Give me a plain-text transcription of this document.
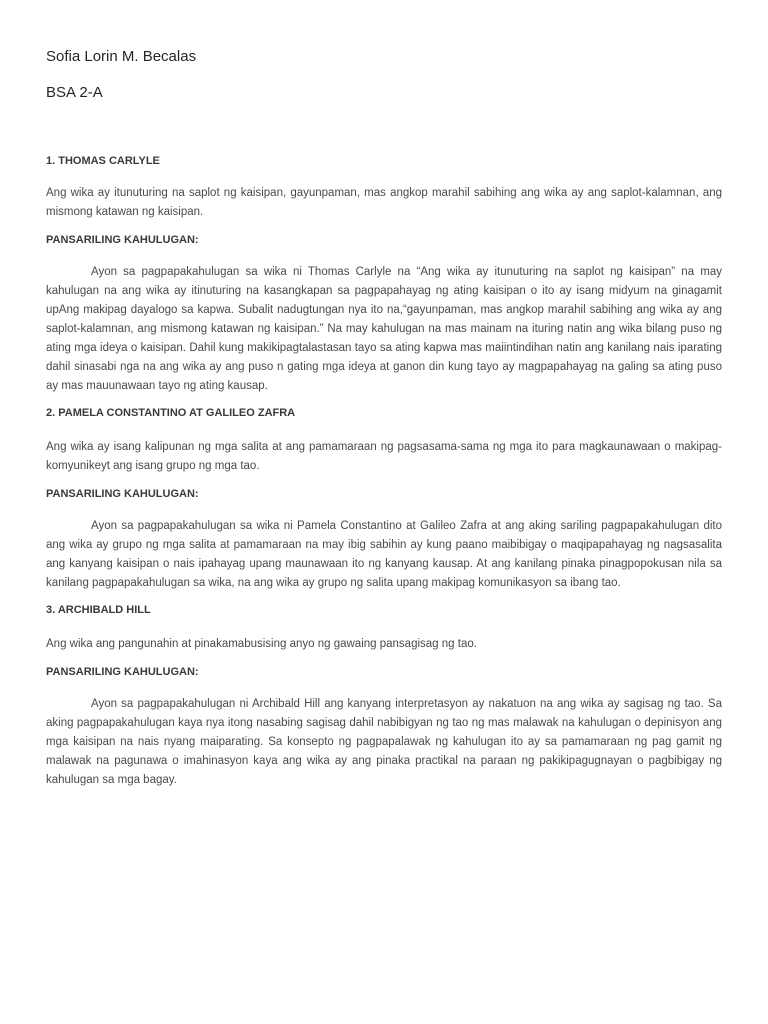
Sofia Lorin M. Becalas
BSA 2-A

1. THOMAS CARLYLE

Ang wika ay itunuturing na saplot ng kaisipan, gayunpaman, mas angkop marahil sabihing ang wika ay ang saplot-kalamnan, ang mismong katawan ng kaisipan.

PANSARILING KAHULUGAN:

Ayon sa pagpapakahulugan sa wika ni Thomas Carlyle na “Ang wika ay itunuturing na saplot ng kaisipan” na may kahulugan na ang wika ay itinuturing na kasangkapan sa pagpapahayag ng ating kaisipan o ito ay isang midyum na ginagamit upAng makipag dayalogo sa kapwa. Subalit nadugtungan nya ito na,“gayunpaman, mas angkop marahil sabihing ang wika ay ang saplot-kalamnan, ang mismong katawan ng kaisipan.” Na may kahulugan na mas mainam na ituring natin ang wika bilang puso ng ating mga ideya o kaisipan. Dahil kung makikipagtalastasan tayo sa ating kapwa mas maiintindihan natin ang kanilang nais iparating dahil sinasabi nga na ang wika ay ang puso n gating mga ideya at ganon din kung tayo ay magpapahayag na galing sa ating puso ay mas mauunawaan tayo ng ating kausap.

2. PAMELA CONSTANTINO AT GALILEO ZAFRA

Ang wika ay isang kalipunan ng mga salita at ang pamamaraan ng pagsasama-sama ng mga ito para magkaunawaan o makipag-komyunikeyt ang isang grupo ng mga tao.

PANSARILING KAHULUGAN:

Ayon sa pagpapakahulugan sa wika ni Pamela Constantino at Galileo Zafra at ang aking sariling pagpapakahulugan dito ang wika ay grupo ng mga salita at pamamaraan na may ibig sabihin ay kung paano maibibigay o maqipapahayag ng nagsasalita ang kanyang kaisipan o nais ipahayag upang maunawaan ito ng kanyang kausap. At ang kanilang pinaka pinagpopokusan nila sa kanilang pagpapakahulugan sa wika, na ang wika ay grupo ng salita upang makipag komunikasyon sa ibang tao.

3. ARCHIBALD HILL

Ang wika ang pangunahin at pinakamabusising anyo ng gawaing pansagisag ng tao.

PANSARILING KAHULUGAN:

Ayon sa pagpapakahulugan ni Archibald Hill ang kanyang interpretasyon ay nakatuon na ang wika ay sagisag ng tao. Sa aking pagpapakahulugan kaya nya itong nasabing sagisag dahil nabibigyan ng tao ng mas malawak na kahulugan o depinisyon ang mga kaisipan na nais nyang maiparating. Sa konsepto ng pagpapalawak ng kahulugan ito ay sa pamamaraan ng pag gamit ng malawak na pagunawa o imahinasyon kaya ang wika ay ang pinaka practikal na paraan ng pakikipagugnayan o pagbibigay ng kahulugan sa mga bagay.
